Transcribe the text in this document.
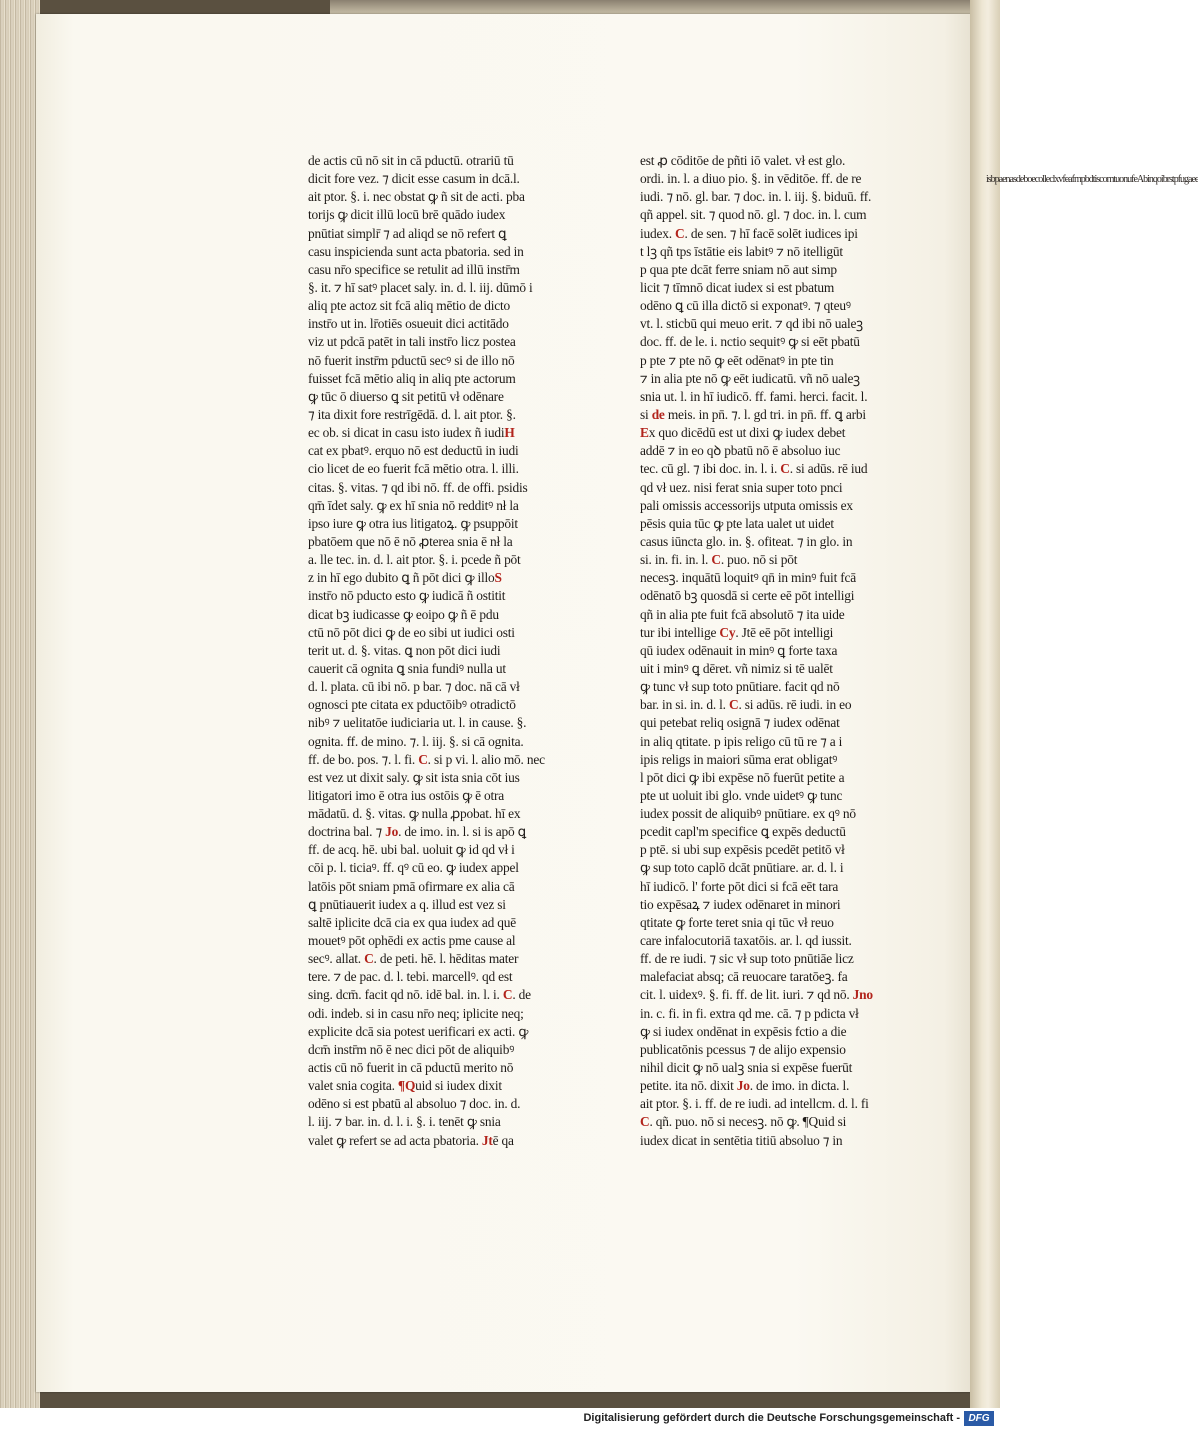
isbpaenasdeboecolleclxvfeafmpbdtiscomtuonufeAbinqoibrstpfugaee
de actis cū nō sit in cā pductū. otrariū tū
dicit fore vez. ⁊ dicit esse casum in dcā.l.
ait ptor. §. i. nec obstat ꝙ ñ sit de acti. pba
torijs ꝙ dicit illū locū brē quādo iudex
pnūtiat simplr̄ ⁊ ad aliqd se nō refert ꝗ
casu inspicienda sunt acta pbatoria. sed in
casu nr̄o specifice se retulit ad illū instr̄m
§. it. ⁊ hī satꝰ placet saly. in. d. l. iij. dūmō i
aliq pte actoz sit fcā aliq mētio de dicto
instr̄o ut in. lr̄otiēs osueuit dici actitādo
viz ut pdcā patēt in tali instr̄o licz postea
nō fuerit instr̄m pductū secꝰ si de illo nō
fuisset fcā mētio aliq in aliq pte actorum
ꝙ tūc ō diuerso ꝗ sit petitū vł odēnare
⁊ ita dixit fore restrīgēdā. d. l. ait ptor. §.
ec ob. si dicat in casu isto iudex ñ iudiH
cat ex pbatꝰ. erquo nō est deductū in iudi
cio licet de eo fuerit fcā mētio otra. l. illi.
citas. §. vitas. ⁊ qd ibi nō. ff. de offi. psidis
qm̄ īdet saly. ꝙ ex hī snia nō redditꝰ nł la
ipso iure ꝙ otra ius litigatoꝝ. ꝙ psuppōit
pbatōem que nō ē nō ꝓterea snia ē nł la
a. lle tec. in. d. l. ait ptor. §. i. pcede ñ pōt
z in hī ego dubito ꝗ ñ pōt dici ꝙ illoS
instr̄o nō pducto esto ꝙ iudicā ñ ostitit
dicat bꝫ iudicasse ꝙ eoipo ꝙ ñ ē pdu
ctū nō pōt dici ꝙ de eo sibi ut iudici osti
terit ut. d. §. vitas. ꝗ non pōt dici iudi
cauerit cā ognita ꝗ snia fundiꝰ nulla ut
d. l. plata. cū ibi nō. p bar. ⁊ doc. nā cā vł
ognosci pte citata ex pductōibꝰ otradictō
nibꝰ ⁊ uelitatōe iudiciaria ut. l. in cause. §.
ognita. ff. de mino. ⁊. l. iij. §. si cā ognita.
ff. de bo. pos. ⁊. l. fi. C. si p vi. l. alio mō. nec
est vez ut dixit saly. ꝙ sit ista snia cōt ius
litigatori imo ē otra ius ostōis ꝙ ē otra
mādatū. d. §. vitas. ꝙ nulla ꝓpobat. hī ex
doctrina bal. ⁊ Jo. de imo. in. l. si is apō ꝗ
ff. de acq. hē. ubi bal. uoluit ꝙ id qd vł i
cōi p. l. ticiaꝰ. ff. qꝰ cū eo. ꝙ iudex appel
latōis pōt sniam pmā ofirmare ex alia cā
ꝗ pnūtiauerit iudex a q. illud est vez si
saltē iplicite dcā cia ex qua iudex ad quē
mouetꝰ pōt ophēdi ex actis pme cause al
secꝰ. allat. C. de peti. hē. l. hēditas mater
tere. ⁊ de pac. d. l. tebi. marcellꝰ. qd est
sing. dcm̄. facit qd nō. idē bal. in. l. i. C. de
odi. indeb. si in casu nr̄o neq; iplicite neq;
explicite dcā sia potest uerificari ex acti. ꝙ
dcm̄ instr̄m nō ē nec dici pōt de aliquibꝰ
actis cū nō fuerit in cā pductū merito nō
valet snia cogita. ¶Quid si iudex dixit
odēno si est pbatū al absoluo ⁊ doc. in. d.
l. iij. ⁊ bar. in. d. l. i. §. i. tenēt ꝙ snia
valet ꝙ refert se ad acta pbatoria. Jtē qa
est ꝓ cōditōe de pñti iō valet. vł est glo.
ordi. in. l. a diuo pio. §. in vēditōe. ff. de re
iudi. ⁊ nō. gl. bar. ⁊ doc. in. l. iij. §. biduū. ff.
qñ appel. sit. ⁊ quod nō. gl. ⁊ doc. in. l. cum
iudex. C. de sen. ⁊ hī facē solēt iudices ipi
t lꝫ qñ tps īstātie eis labitꝰ ⁊ nō itelligūt
p qua pte dcāt ferre sniam nō aut simp
licit ⁊ tīmnō dicat iudex si est pbatum
odēno ꝗ cū illa dictō si exponatꝰ. ⁊ qteuꝰ
vt. l. sticbū qui meuo erit. ⁊ qd ibi nō ualeꝫ
doc. ff. de le. i. nctio sequitꝰ ꝙ si eēt pbatū
p pte ⁊ pte nō ꝙ eēt odēnatꝰ in pte tin
⁊ in alia pte nō ꝙ eēt iudicatū. vñ nō ualeꝫ
snia ut. l. in hī iudicō. ff. fami. herci. facit. l.
si de meis. in pn̄. ⁊. l. gd tri. in pn̄. ff. ꝗ arbi
Ex quo dicēdū est ut dixi ꝙ iudex debet
addē ⁊ in eo qꝺ pbatū nō ē absoluo iuc
tec. cū gl. ⁊ ibi doc. in. l. i. C. si adūs. rē iud
qd vł uez. nisi ferat snia super toto pnci
pali omissis accessorijs utputa omissis ex
pēsis quia tūc ꝙ pte lata ualet ut uidet
casus iūncta glo. in. §. ofiteat. ⁊ in glo. in
si. in. fi. in. l. C. puo. nō si pōt
necesꝫ. inquātū loquitꝰ qn̄ in minꝰ fuit fcā
odēnatō bꝫ quosdā si certe eē pōt intelligi
qñ in alia pte fuit fcā absolutō ⁊ ita uide
tur ibi intellige Cy. Jtē eē pōt intelligi
qū iudex odēnauit in minꝰ ꝗ forte taxa
uit i minꝰ ꝗ dēret. vñ nimiz si tē ualēt
ꝙ tunc vł sup toto pnūtiare. facit qd nō
bar. in si. in. d. l. C. si adūs. rē iudi. in eo
qui petebat reliq osignā ⁊ iudex odēnat
in aliq qtitate. p ipis religo cū tū re ⁊ a i
ipis religs in maiori sūma erat obligatꝰ
l pōt dici ꝙ ibi expēse nō fuerūt petite a
pte ut uoluit ibi glo. vnde uidetꝰ ꝙ tunc
iudex possit de aliquibꝰ pnūtiare. ex qꝰ nō
pcedit capl'm specifice ꝗ expēs deductū
p ptē. si ubi sup expēsis pcedēt petitō vł
ꝙ sup toto caplō dcāt pnūtiare. ar. d. l. i
hī iudicō. l' forte pōt dici si fcā eēt tara
tio expēsaꝝ ⁊ iudex odēnaret in minori
qtitate ꝙ forte teret snia qi tūc vł reuo
care infalocutoriā taxatōis. ar. l. qd iussit.
ff. de re iudi. ⁊ sic vł sup toto pnūtiāe licz
malefaciat absq; cā reuocare taratōeꝫ. fa
cit. l. uidexꝰ. §. fi. ff. de lit. iuri. ⁊ qd nō. Jno
in. c. fi. in fi. extra qd me. cā. ⁊ p pdicta vł
ꝙ si iudex ondēnat in expēsis fctio a die
publicatōnis pcessus ⁊ de alijo expensio
nihil dicit ꝙ nō ualꝫ snia si expēse fuerūt
petite. ita nō. dixit Jo. de imo. in dicta. l.
ait ptor. §. i. ff. de re iudi. ad intellcm. d. l. fi
C. qñ. puo. nō si necesꝫ. nō ꝙ. ¶Quid si
iudex dicat in sentētia titiū absoluo ⁊ in
Digitalisierung gefördert durch die Deutsche Forschungsgemeinschaft - DFG
